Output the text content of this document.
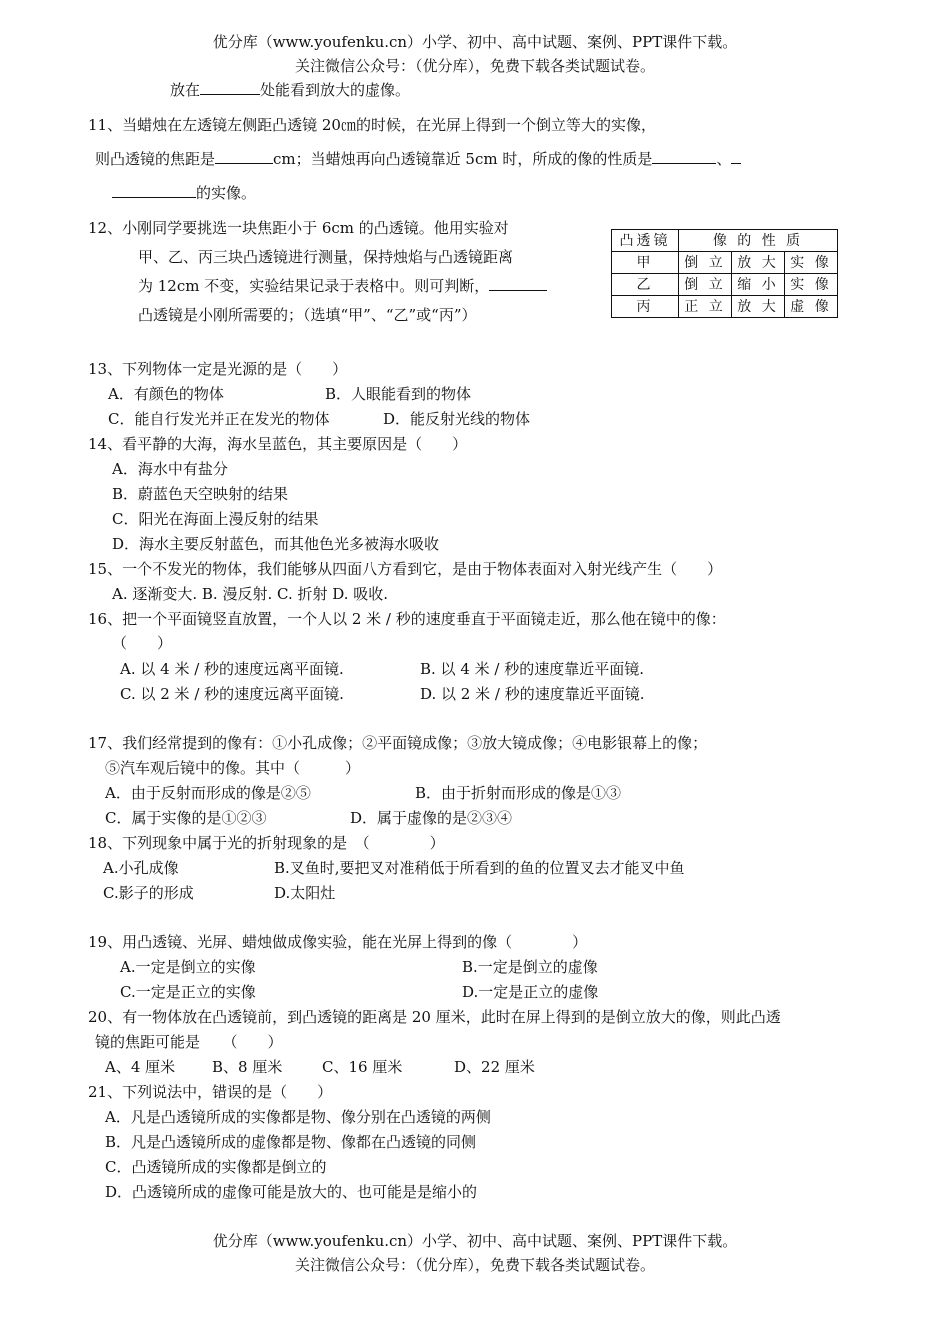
优分库（www.youfenku.cn）小学、初中、高中试题、案例、PPT课件下载。
关注微信公众号：（优分库），免费下载各类试题试卷。
放在	处能看到放大的虚像。
11、当蜡烛在左透镜左侧距凸透镜 20㎝的时候，在光屏上得到一个倒立等大的实像，
则凸透镜的焦距是	cm；当蜡烛再向凸透镜靠近 5cm 时，所成的像的性质是	、
的实像。
12、小刚同学要挑选一块焦距小于 6cm 的凸透镜。他用实验对
甲、乙、丙三块凸透镜进行测量，保持烛焰与凸透镜距离
为 12cm 不变，实验结果记录于表格中。则可判断，
凸透镜是小刚所需要的；（选填“甲”、“乙”或“丙”）
凸透镜	像 的 性 质		
甲	倒 立	放 大	实 像
乙	倒 立	缩 小	实 像
丙	正 立	放 大	虚 像
13、下列物体一定是光源的是（　　）
A．有颜色的物体	B．人眼能看到的物体
C．能自行发光并正在发光的物体	D．能反射光线的物体
14、看平静的大海，海水呈蓝色，其主要原因是（　　）
A．海水中有盐分
B．蔚蓝色天空映射的结果
C．阳光在海面上漫反射的结果
D．海水主要反射蓝色，而其他色光多被海水吸收
15、一个不发光的物体，我们能够从四面八方看到它，是由于物体表面对入射光线产生（　　）
A. 逐渐变大. B. 漫反射. C. 折射 D. 吸收.
16、把一个平面镜竖直放置，一个人以 2 米 / 秒的速度垂直于平面镜走近，那么他在镜中的像：
（　　）
A. 以 4 米 / 秒的速度远离平面镜.	B. 以 4 米 / 秒的速度靠近平面镜.
C. 以 2 米 / 秒的速度远离平面镜.	D. 以 2 米 / 秒的速度靠近平面镜.
17、我们经常提到的像有：①小孔成像；②平面镜成像；③放大镜成像；④电影银幕上的像；
⑤汽车观后镜中的像。其中（　　　）
A．由于反射而形成的像是②⑤	B．由于折射而形成的像是①③
C．属于实像的是①②③	D．属于虚像的是②③④
18、下列现象中属于光的折射现象的是　（　　　　）
A.小孔成像	B.叉鱼时,要把叉对准稍低于所看到的鱼的位置叉去才能叉中鱼
C.影子的形成	D.太阳灶
19、用凸透镜、光屏、蜡烛做成像实验，能在光屏上得到的像（　　　　）
A.一定是倒立的实像	B.一定是倒立的虚像
C.一定是正立的实像	D.一定是正立的虚像
20、有一物体放在凸透镜前，到凸透镜的距离是 20 厘米，此时在屏上得到的是倒立放大的像，则此凸透
镜的焦距可能是　　（　　）
A、4 厘米 B、8 厘米	C、16 厘米	D、22 厘米
21、下列说法中，错误的是（　　）
A．凡是凸透镜所成的实像都是物、像分别在凸透镜的两侧
B．凡是凸透镜所成的虚像都是物、像都在凸透镜的同侧
C．凸透镜所成的实像都是倒立的
D．凸透镜所成的虚像可能是放大的、也可能是是缩小的
优分库（www.youfenku.cn）小学、初中、高中试题、案例、PPT课件下载。
关注微信公众号：（优分库），免费下载各类试题试卷。
